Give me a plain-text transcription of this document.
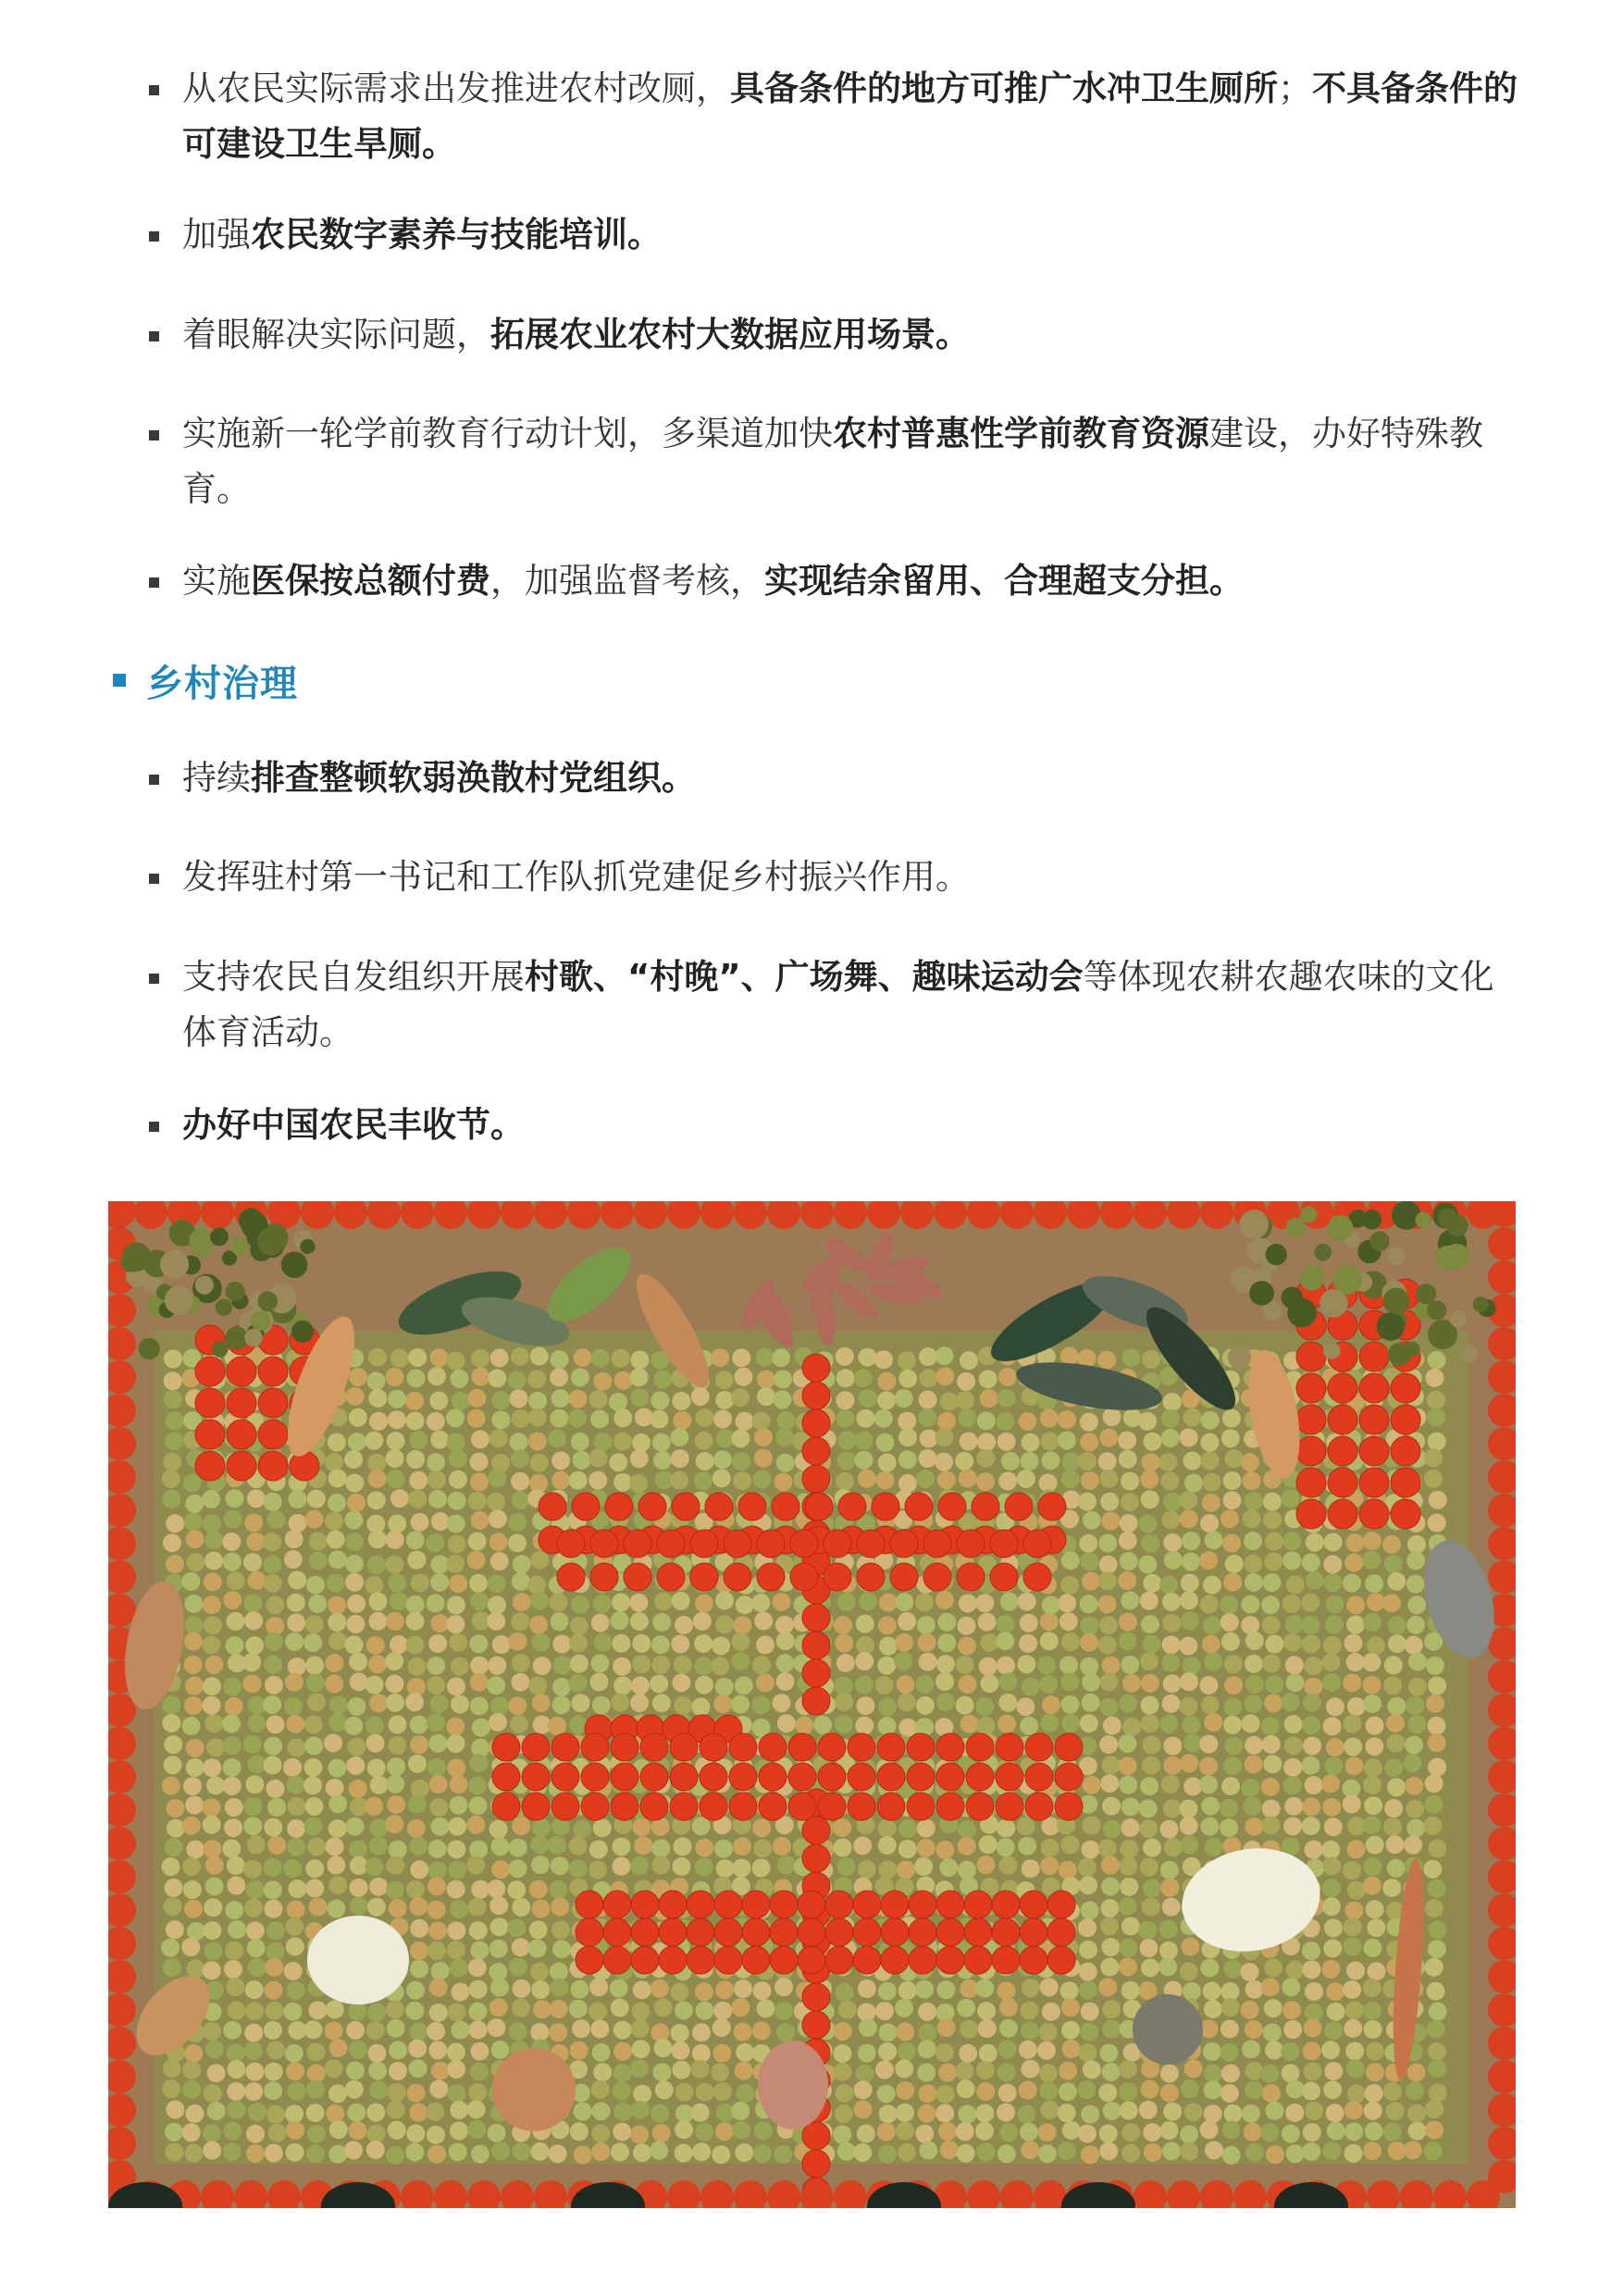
从农民实际需求出发推进农村改厕，具备条件的地方可推广水冲卫生厕所；不具备条件的可建设卫生旱厕。
加强农民数字素养与技能培训。
着眼解决实际问题，拓展农业农村大数据应用场景。
实施新一轮学前教育行动计划，多渠道加快农村普惠性学前教育资源建设，办好特殊教育。
实施医保按总额付费，加强监督考核，实现结余留用、合理超支分担。
乡村治理
持续排查整顿软弱涣散村党组织。
发挥驻村第一书记和工作队抓党建促乡村振兴作用。
支持农民自发组织开展村歌、“村晚”、广场舞、趣味运动会等体现农耕农趣农味的文化体育活动。
办好中国农民丰收节。
